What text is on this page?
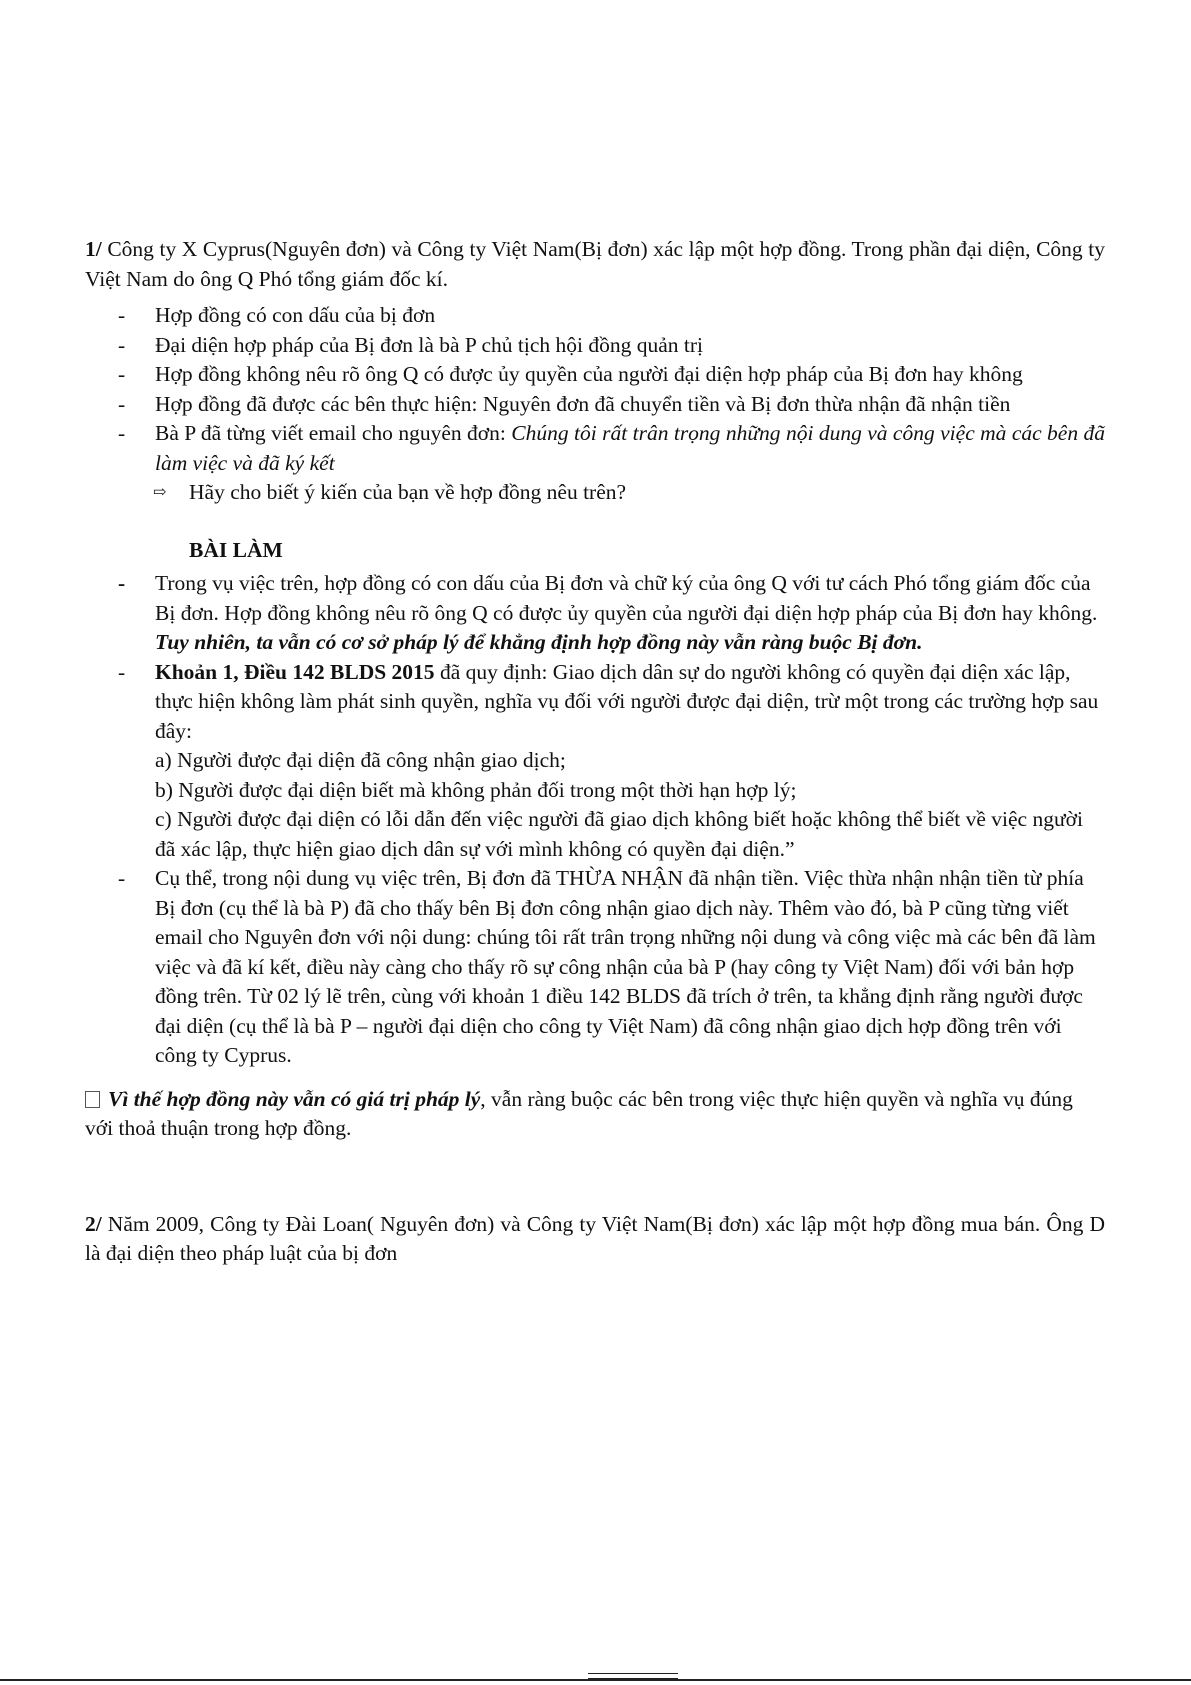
1/ Công ty X Cyprus(Nguyên đơn) và Công ty Việt Nam(Bị đơn) xác lập một hợp đồng. Trong phần đại diện, Công ty Việt Nam do ông Q Phó tổng giám đốc kí.

-	Hợp đồng có con dấu của bị đơn
-	Đại diện hợp pháp của Bị đơn là bà P chủ tịch hội đồng quản trị
-	Hợp đồng không nêu rõ ông Q có được ủy quyền của người đại diện hợp pháp của Bị đơn hay không
-	Hợp đồng đã được các bên thực hiện: Nguyên đơn đã chuyển tiền và Bị đơn thừa nhận đã nhận tiền
-	Bà P đã từng viết email cho nguyên đơn: Chúng tôi rất trân trọng những nội dung và công việc mà các bên đã làm việc và đã ký kết
⇨ Hãy cho biết ý kiến của bạn về hợp đồng nêu trên?
BÀI LÀM
-	Trong vụ việc trên, hợp đồng có con dấu của Bị đơn và chữ ký của ông Q với tư cách Phó tổng giám đốc của Bị đơn. Hợp đồng không nêu rõ ông Q có được ủy quyền của người đại diện hợp pháp của Bị đơn hay không. Tuy nhiên, ta vẫn có cơ sở pháp lý để khẳng định hợp đồng này vẫn ràng buộc Bị đơn.
-	Khoản 1, Điều 142 BLDS 2015 đã quy định: Giao dịch dân sự do người không có quyền đại diện xác lập, thực hiện không làm phát sinh quyền, nghĩa vụ đối với người được đại diện, trừ một trong các trường hợp sau đây:
a) Người được đại diện đã công nhận giao dịch;
b) Người được đại diện biết mà không phản đối trong một thời hạn hợp lý;
c) Người được đại diện có lỗi dẫn đến việc người đã giao dịch không biết hoặc không thể biết về việc người đã xác lập, thực hiện giao dịch dân sự với mình không có quyền đại diện.”
-	Cụ thể, trong nội dung vụ việc trên, Bị đơn đã THỪA NHẬN đã nhận tiền. Việc thừa nhận nhận tiền từ phía Bị đơn (cụ thể là bà P) đã cho thấy bên Bị đơn công nhận giao dịch này. Thêm vào đó, bà P cũng từng viết email cho Nguyên đơn với nội dung: chúng tôi rất trân trọng những nội dung và công việc mà các bên đã làm việc và đã kí kết, điều này càng cho thấy rõ sự công nhận của bà P (hay công ty Việt Nam) đối với bản hợp đồng trên. Từ 02 lý lẽ trên, cùng với khoản 1 điều 142 BLDS đã trích ở trên, ta khẳng định rằng người được đại diện (cụ thể là bà P – người đại diện cho công ty Việt Nam) đã công nhận giao dịch hợp đồng trên với công ty Cyprus.

Vì thế hợp đồng này vẫn có giá trị pháp lý, vẫn ràng buộc các bên trong việc thực hiện quyền và nghĩa vụ đúng với thoả thuận trong hợp đồng.

2/ Năm 2009, Công ty Đài Loan( Nguyên đơn) và Công ty Việt Nam(Bị đơn) xác lập một hợp đồng mua bán. Ông D là đại diện theo pháp luật của bị đơn
